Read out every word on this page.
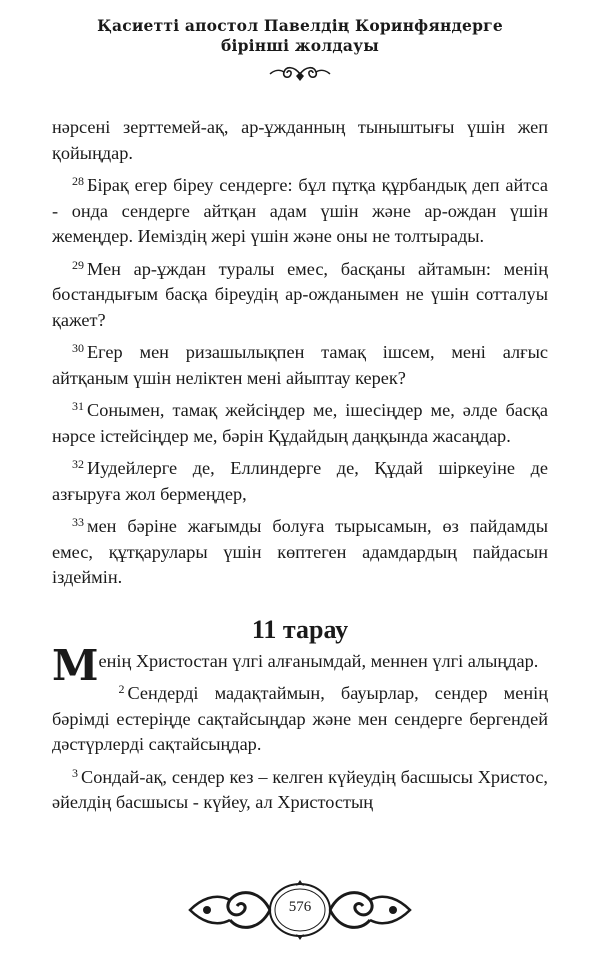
Қасиетті апостол Павелдің Коринфяндерге
бірінші жолдауы

нәрсені зерттемей-ақ, ар-ұжданның тыныштығы үшін жеп қойыңдар.

$^{28}$ Бірақ егер біреу сендерге: бұл пұтқа құрбандық деп айтса - онда сендерге айтқан адам үшін және ар-ождан үшін жемеңдер. Иеміздің жері үшін және оны не толтырады.

$^{29}$ Мен ар-ұждан туралы емес, басқаны айтамын: менің бостандығым басқа біреудің ар-ожданымен не үшін сотталуы қажет?

$^{30}$ Егер мен ризашылықпен тамақ ішсем, мені алғыс айтқаным үшін неліктен мені айыптау керек?

$^{31}$ Сонымен, тамақ жейсіңдер ме, ішесіңдер ме, әлде басқа нәрсе істейсіңдер ме, бәрін Құдайдың даңқында жасаңдар.

$^{32}$ Иудейлерге де, Еллиндерге де, Құдай шіркеуіне де азғыруға жол бермеңдер,

$^{33}$ мен бәріне жағымды болуға тырысамын, өз пайдамды емес, құтқарулары үшін көптеген адамдардың пайдасын іздеймін.

11 тарау

Менің Христостан үлгі алғанымдай, меннен үлгі алыңдар.

$^2$ Сендерді мадақтаймын, бауырлар, сендер менің бәрімді естеріңде сақтайсыңдар және мен сендерге бергендей дәстүрлерді сақтайсыңдар.

$^3$ Сондай-ақ, сендер кез – келген күйеудің басшысы Христос, әйелдің басшысы - күйеу, ал Христостың

576
